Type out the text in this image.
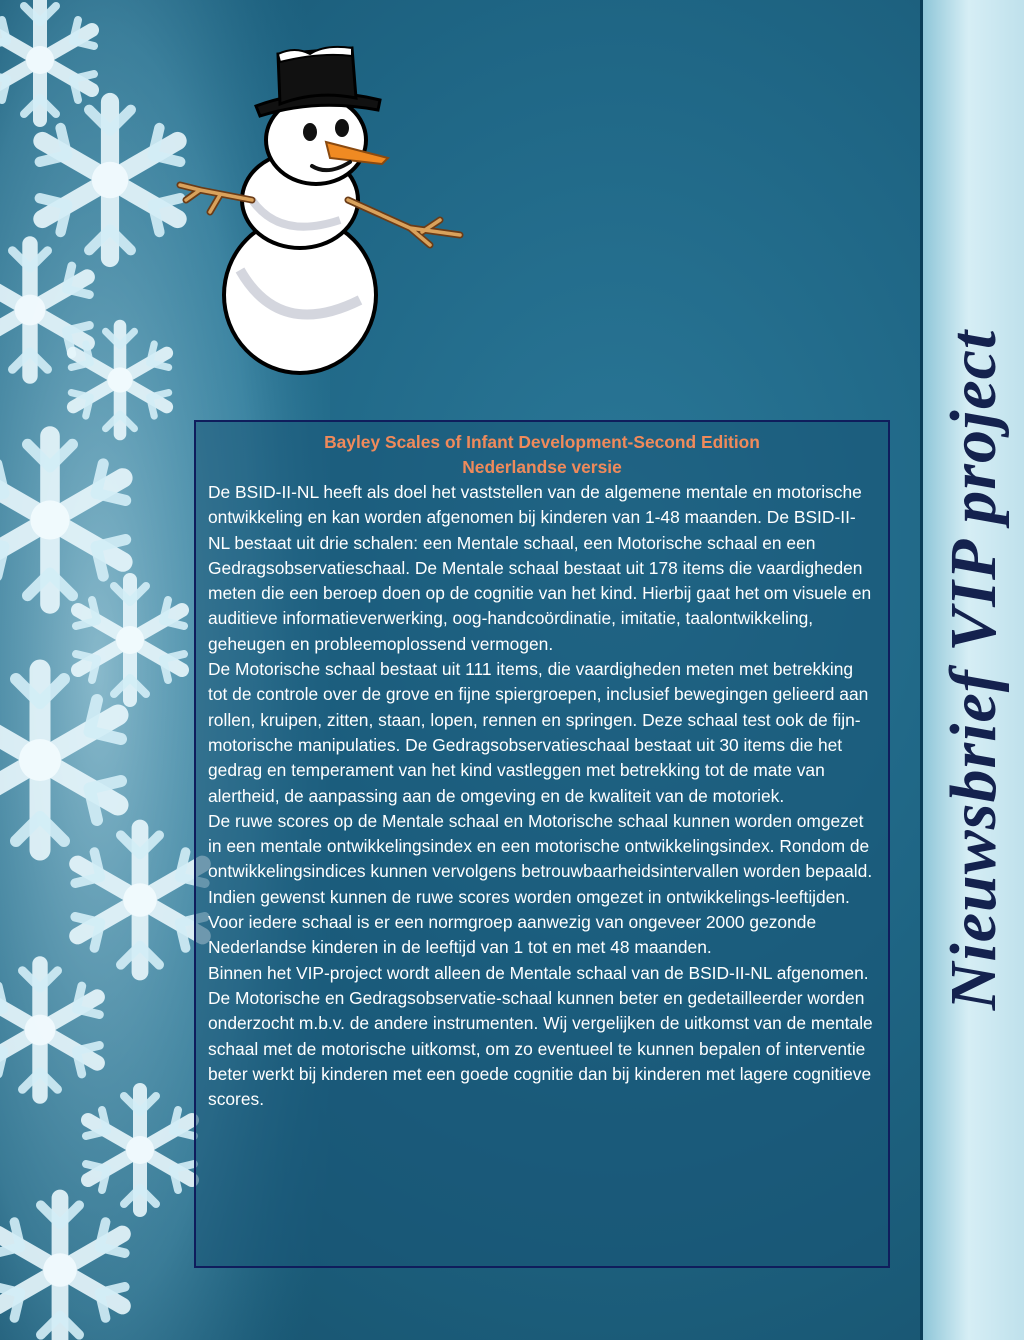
Bayley Scales of Infant Development-Second Edition
Nederlandse versie

De BSID-II-NL heeft als doel het vaststellen van de algemene mentale en motorische ontwikkeling en kan worden afgenomen bij kinderen van 1-48 maanden. De BSID-II-NL bestaat uit drie schalen: een Mentale schaal, een Motorische schaal en een Gedragsobservatieschaal. De Mentale schaal bestaat uit 178 items die vaardigheden meten die een beroep doen op de cognitie van het kind. Hierbij gaat het om visuele en auditieve informatieverwerking, oog-handcoördinatie, imitatie, taalontwikkeling, geheugen en probleemoplossend vermogen.

De Motorische schaal bestaat uit 111 items, die vaardigheden meten met betrekking tot de controle over de grove en fijne spiergroepen, inclusief bewegingen gelieerd aan rollen, kruipen, zitten, staan, lopen, rennen en springen. Deze schaal test ook de fijn-motorische manipulaties. De Gedragsobservatieschaal bestaat uit 30 items die het gedrag en temperament van het kind vastleggen met betrekking tot de mate van alertheid, de aanpassing aan de omgeving en de kwaliteit van de motoriek.

De ruwe scores op de Mentale schaal en Motorische schaal kunnen worden omgezet in een mentale ontwikkelingsindex en een motorische ontwikkelingsindex. Rondom de ontwikkelingsindices kunnen vervolgens betrouwbaarheidsintervallen worden bepaald. Indien gewenst kunnen de ruwe scores worden omgezet in ontwikkelings-leeftijden. Voor iedere schaal is er een normgroep aanwezig van ongeveer 2000 gezonde Nederlandse kinderen in de leeftijd van 1 tot en met 48 maanden.

Binnen het VIP-project wordt alleen de Mentale schaal van de BSID-II-NL afgenomen. De Motorische en Gedragsobservatie-schaal kunnen beter en gedetailleerder worden onderzocht m.b.v. de andere instrumenten. Wij vergelijken de uitkomst van de mentale schaal met de motorische uitkomst, om zo eventueel te kunnen bepalen of interventie beter werkt bij kinderen met een goede cognitie dan bij kinderen met lagere cognitieve scores.

Nieuwsbrief VIP project
